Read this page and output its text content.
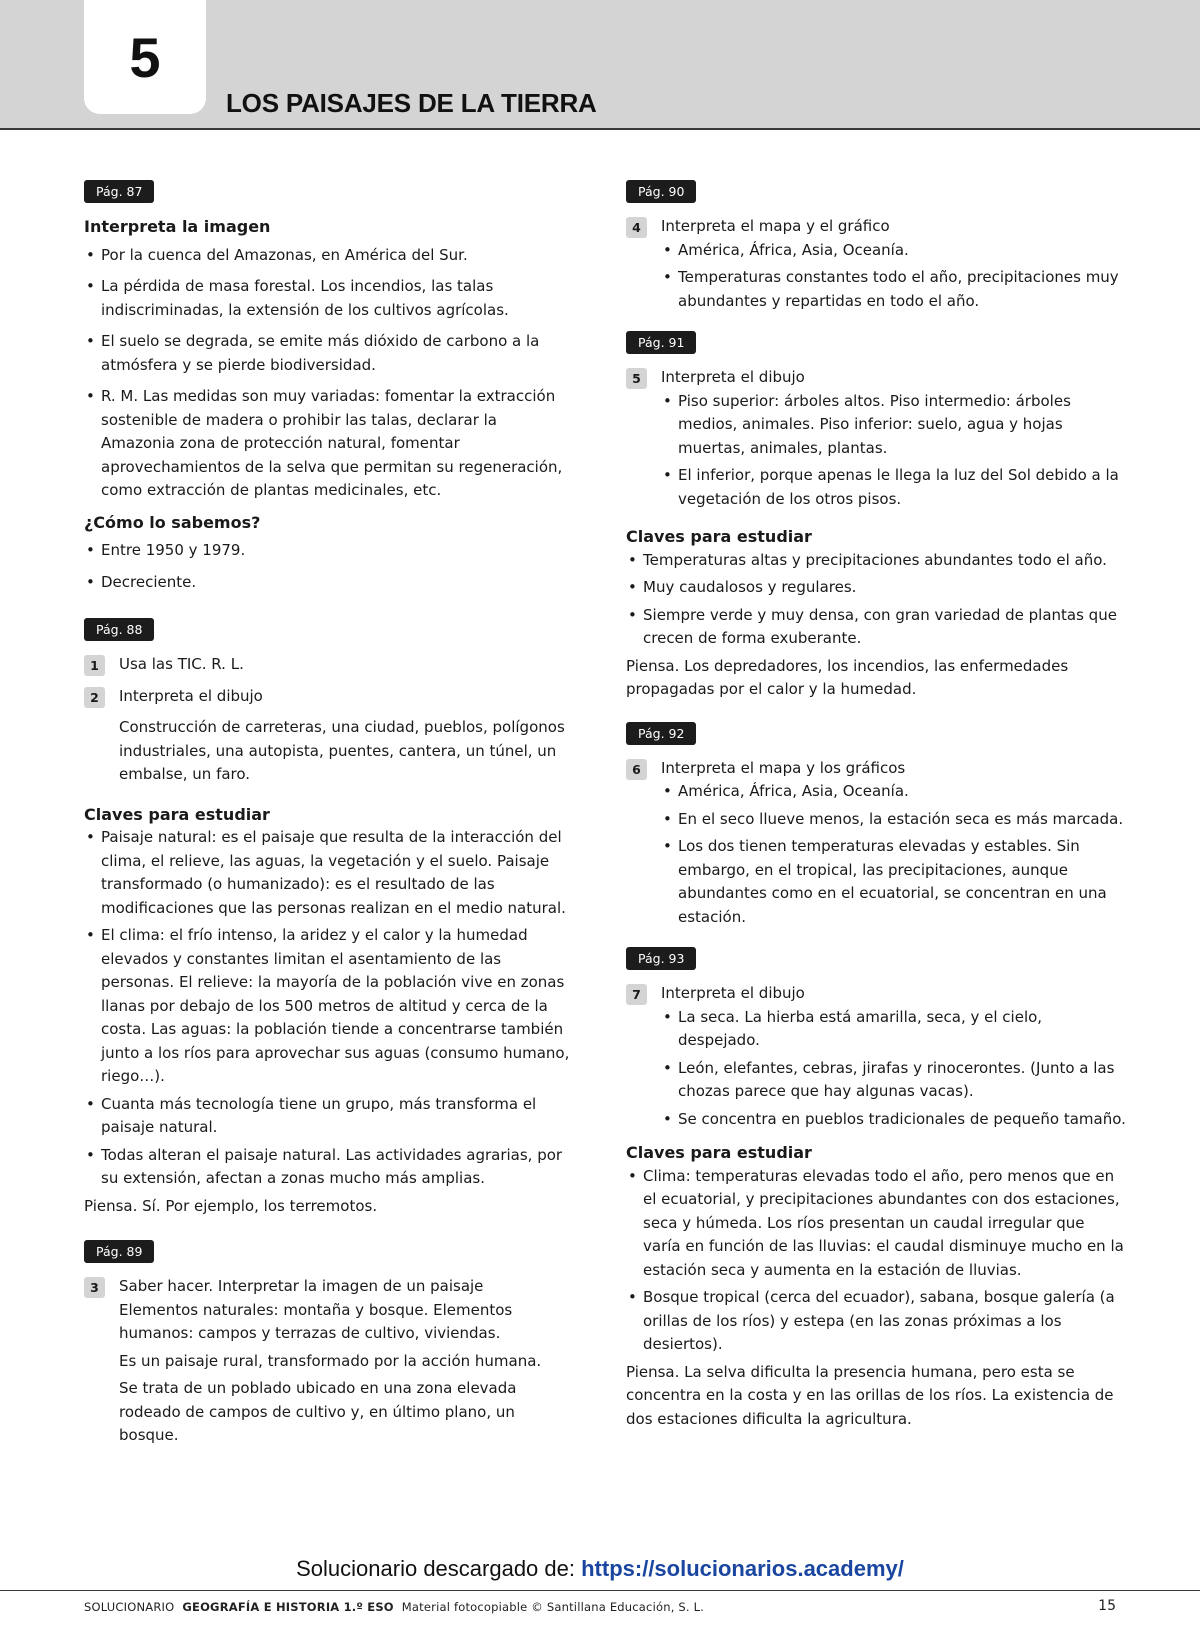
5
LOS PAISAJES DE LA TIERRA
Pág. 87
Interpreta la imagen
• Por la cuenca del Amazonas, en América del Sur.
• La pérdida de masa forestal. Los incendios, las talas indiscriminadas, la extensión de los cultivos agrícolas.
• El suelo se degrada, se emite más dióxido de carbono a la atmósfera y se pierde biodiversidad.
• R. M. Las medidas son muy variadas: fomentar la extracción sostenible de madera o prohibir las talas, declarar la Amazonia zona de protección natural, fomentar aprovechamientos de la selva que permitan su regeneración, como extracción de plantas medicinales, etc.
¿Cómo lo sabemos?
• Entre 1950 y 1979.
• Decreciente.
Pág. 88
1	Usa las TIC. R. L.
2	Interpreta el dibujo

Construcción de carreteras, una ciudad, pueblos, polígonos industriales, una autopista, puentes, cantera, un túnel, un embalse, un faro.

Claves para estudiar
• Paisaje natural: es el paisaje que resulta de la interacción del clima, el relieve, las aguas, la vegetación y el suelo. Paisaje transformado (o humanizado): es el resultado de las modificaciones que las personas realizan en el medio natural.
• El clima: el frío intenso, la aridez y el calor y la humedad elevados y constantes limitan el asentamiento de las personas. El relieve: la mayoría de la población vive en zonas llanas por debajo de los 500 metros de altitud y cerca de la costa. Las aguas: la población tiende a concentrarse también junto a los ríos para aprovechar sus aguas (consumo humano, riego…).
• Cuanta más tecnología tiene un grupo, más transforma el paisaje natural.
• Todas alteran el paisaje natural. Las actividades agrarias, por su extensión, afectan a zonas mucho más amplias.

Piensa. Sí. Por ejemplo, los terremotos.

Pág. 89
3	Saber hacer. Interpretar la imagen de un paisaje

Elementos naturales: montaña y bosque. Elementos humanos: campos y terrazas de cultivo, viviendas.

Es un paisaje rural, transformado por la acción humana.

Se trata de un poblado ubicado en una zona elevada rodeado de campos de cultivo y, en último plano, un bosque.

Pág. 90
4	Interpreta el mapa y el gráfico
• América, África, Asia, Oceanía.
• Temperaturas constantes todo el año, precipitaciones muy abundantes y repartidas en todo el año.
Pág. 91
5	Interpreta el dibujo
• Piso superior: árboles altos. Piso intermedio: árboles medios, animales. Piso inferior: suelo, agua y hojas muertas, animales, plantas.
• El inferior, porque apenas le llega la luz del Sol debido a la vegetación de los otros pisos.
Claves para estudiar
• Temperaturas altas y precipitaciones abundantes todo el año.
• Muy caudalosos y regulares.
• Siempre verde y muy densa, con gran variedad de plantas que crecen de forma exuberante.

Piensa. Los depredadores, los incendios, las enfermedades propagadas por el calor y la humedad.

Pág. 92
6	Interpreta el mapa y los gráficos
• América, África, Asia, Oceanía.
• En el seco llueve menos, la estación seca es más marcada.
• Los dos tienen temperaturas elevadas y estables. Sin embargo, en el tropical, las precipitaciones, aunque abundantes como en el ecuatorial, se concentran en una estación.
Pág. 93
7	Interpreta el dibujo
• La seca. La hierba está amarilla, seca, y el cielo, despejado.
• León, elefantes, cebras, jirafas y rinocerontes. (Junto a las chozas parece que hay algunas vacas).
• Se concentra en pueblos tradicionales de pequeño tamaño.
Claves para estudiar
• Clima: temperaturas elevadas todo el año, pero menos que en el ecuatorial, y precipitaciones abundantes con dos estaciones, seca y húmeda. Los ríos presentan un caudal irregular que varía en función de las lluvias: el caudal disminuye mucho en la estación seca y aumenta en la estación de lluvias.
• Bosque tropical (cerca del ecuador), sabana, bosque galería (a orillas de los ríos) y estepa (en las zonas próximas a los desiertos).

Piensa. La selva dificulta la presencia humana, pero esta se concentra en la costa y en las orillas de los ríos. La existencia de dos estaciones dificulta la agricultura.

Solucionario descargado de: https://solucionarios.academy/
SOLUCIONARIO GEOGRAFÍA E HISTORIA 1.º ESO Material fotocopiable © Santillana Educación, S. L.	15
